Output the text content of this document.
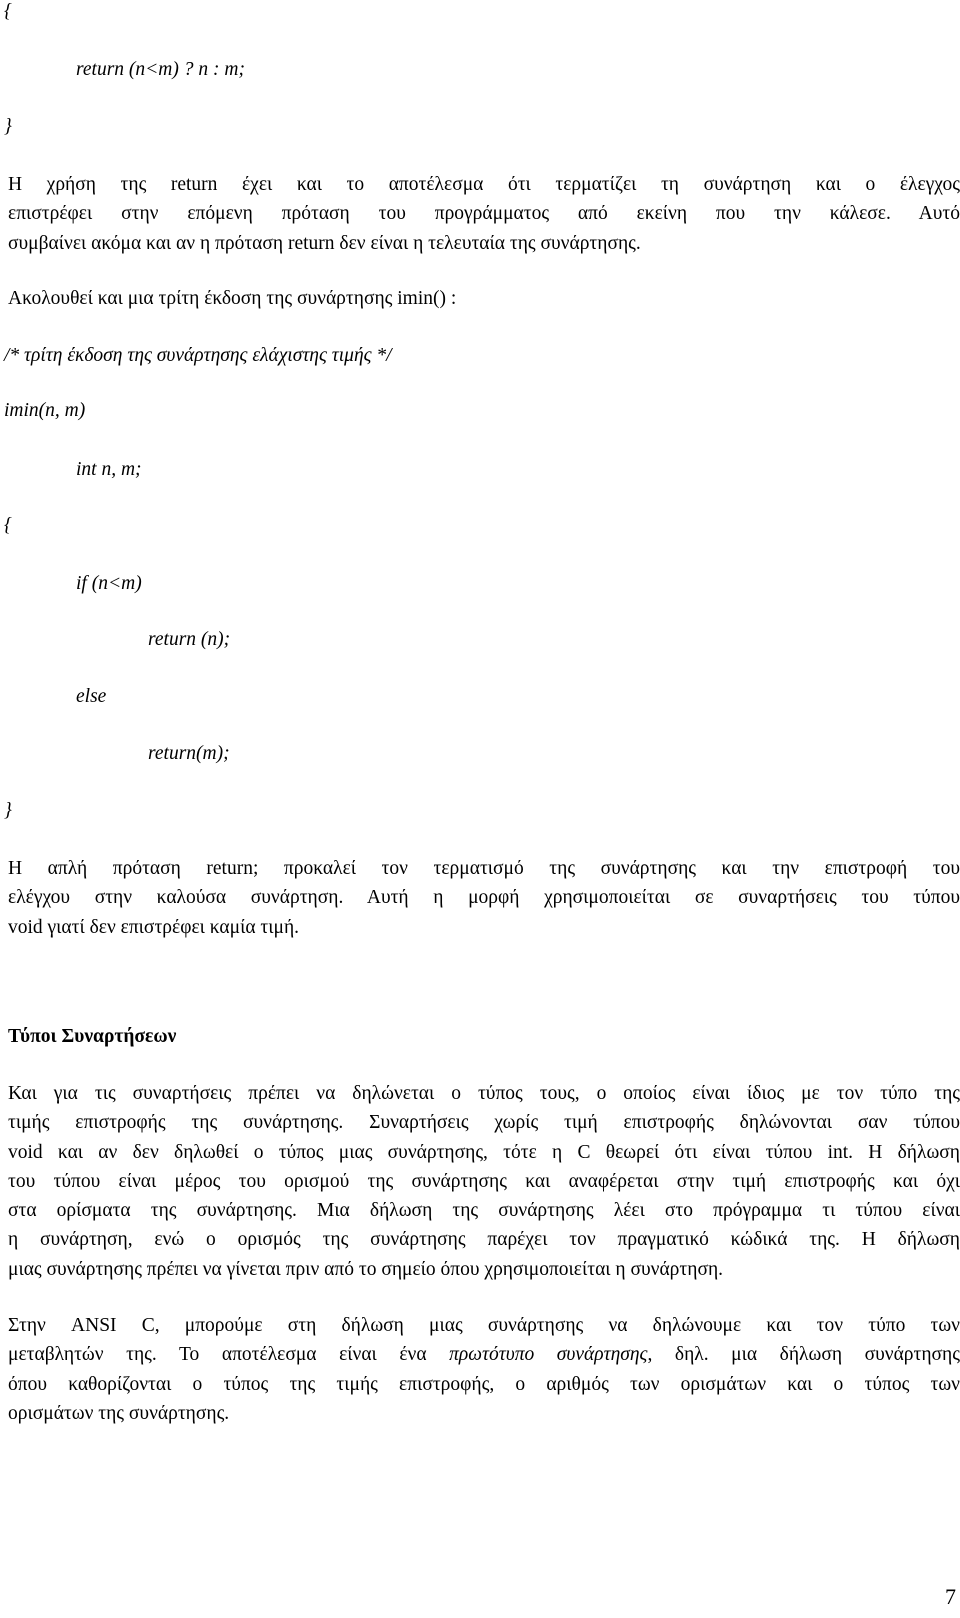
{
return (n<m) ? n : m;
}
Η χρήση της return έχει και το αποτέλεσμα ότι τερματίζει τη συνάρτηση και ο έλεγχος
επιστρέφει στην επόμενη πρόταση του προγράμματος από εκείνη που την κάλεσε. Αυτό
συμβαίνει ακόμα και αν η πρόταση return δεν είναι η τελευταία της συνάρτησης.
Ακολουθεί και μια τρίτη έκδοση της συνάρτησης imin() :
/* τρίτη έκδοση της συνάρτησης ελάχιστης τιμής */
imin(n, m)
int n, m;
{
if (n<m)
return (n);
else
return(m);
}
Η απλή πρόταση return; προκαλεί τον τερματισμό της συνάρτησης και την επιστροφή του
ελέγχου στην καλούσα συνάρτηση. Αυτή η μορφή χρησιμοποιείται σε συναρτήσεις του τύπου
void γιατί δεν επιστρέφει καμία τιμή.
Τύποι Συναρτήσεων
Και για τις συναρτήσεις πρέπει να δηλώνεται ο τύπος τους, ο οποίος είναι ίδιος με τον τύπο της
τιμής επιστροφής της συνάρτησης. Συναρτήσεις χωρίς τιμή επιστροφής δηλώνονται σαν τύπου
void και αν δεν δηλωθεί ο τύπος μιας συνάρτησης, τότε η C θεωρεί ότι είναι τύπου int. Η δήλωση
του τύπου είναι μέρος του ορισμού της συνάρτησης και αναφέρεται στην τιμή επιστροφής και όχι
στα ορίσματα της συνάρτησης. Μια δήλωση της συνάρτησης λέει στο πρόγραμμα τι τύπου είναι
η συνάρτηση, ενώ ο ορισμός της συνάρτησης παρέχει τον πραγματικό κώδικά της. Η δήλωση
μιας συνάρτησης πρέπει να γίνεται πριν από το σημείο όπου χρησιμοποιείται η συνάρτηση.
Στην ANSI C, μπορούμε στη δήλωση μιας συνάρτησης να δηλώνουμε και τον τύπο των
μεταβλητών της. Το αποτέλεσμα είναι ένα πρωτότυπο συνάρτησης, δηλ. μια δήλωση συνάρτησης
όπου καθορίζονται ο τύπος της τιμής επιστροφής, ο αριθμός των ορισμάτων και ο τύπος των
ορισμάτων της συνάρτησης.
7
